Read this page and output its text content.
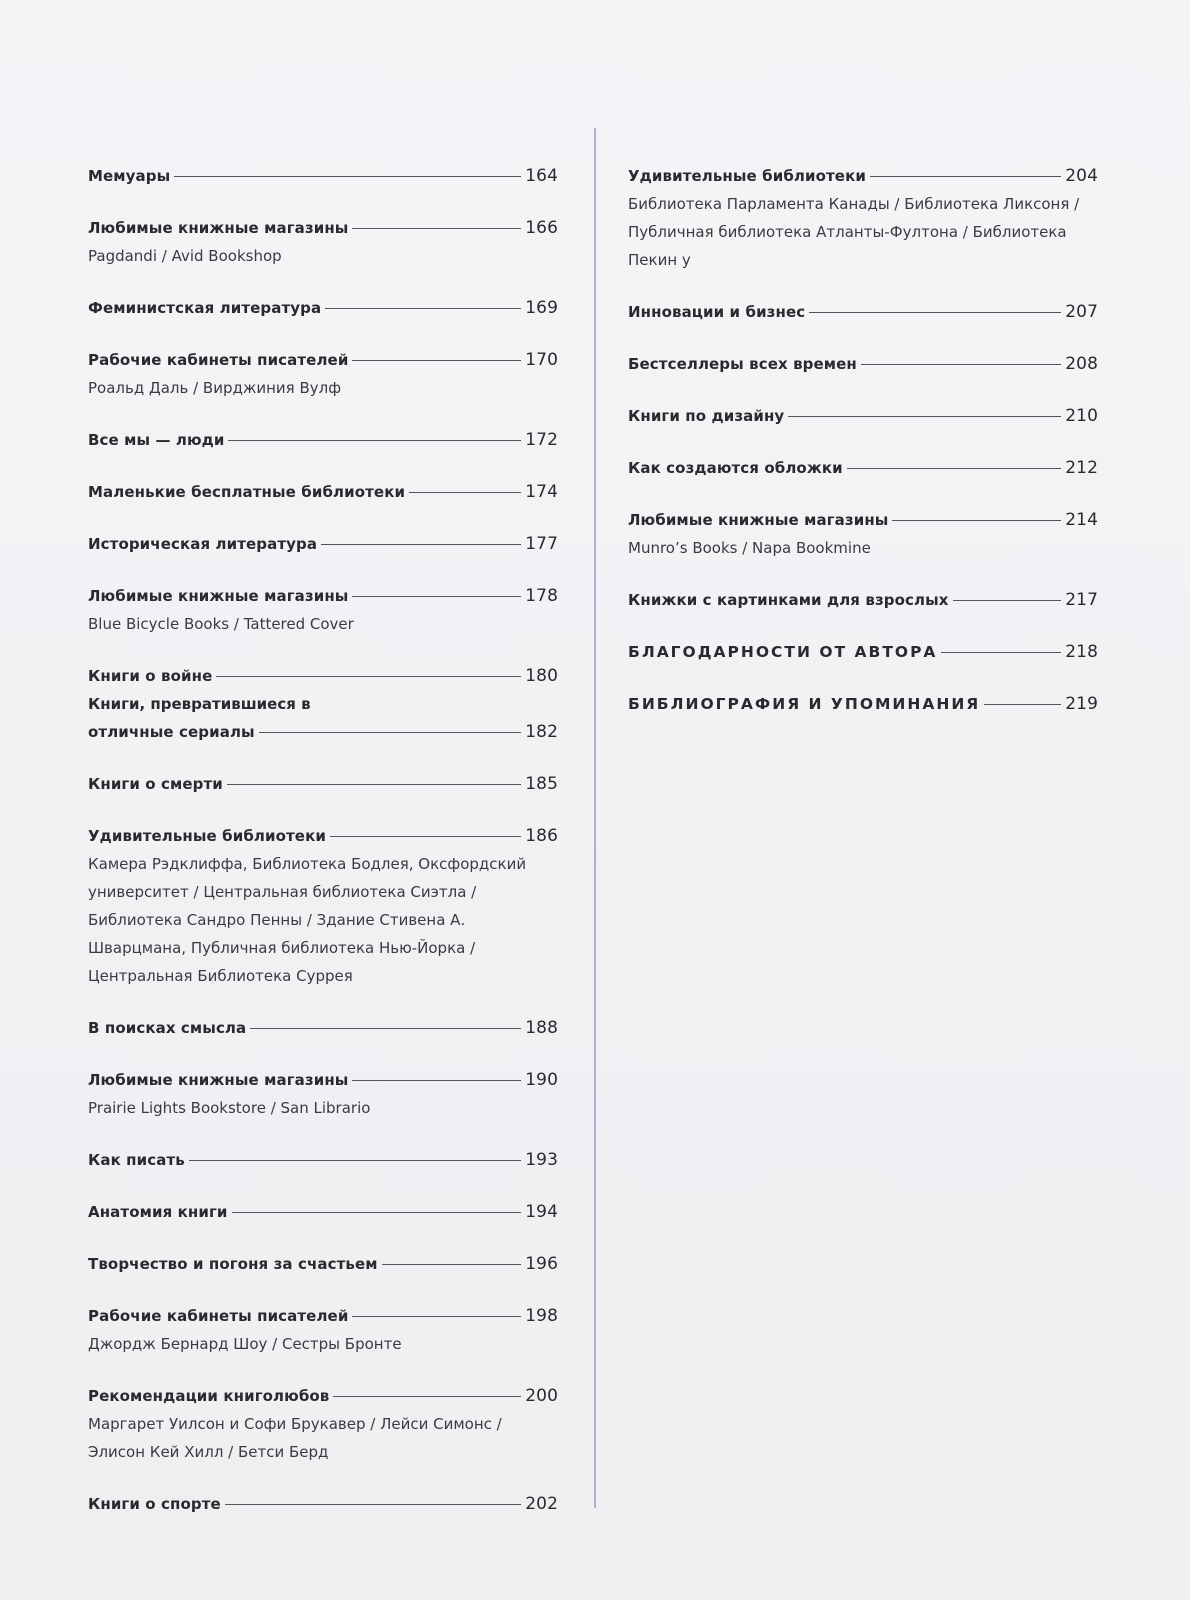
Мемуары	164
Любимые книжные магазины	166
Pagdandi / Avid Bookshop
Феминистская литература	169
Рабочие кабинеты писателей	170
Роальд Даль / Вирджиния Вулф
Все мы — люди	172
Маленькие бесплатные библиотеки	174
Историческая литература	177
Любимые книжные магазины	178
Blue Bicycle Books / Tattered Cover
Книги о войне	180
Книги, превратившиеся в
отличные сериалы	182
Книги о смерти	185
Удивительные библиотеки	186
Камера Рэдклиффа, Библиотека Бодлея, Оксфордский университет / Центральная библиотека Сиэтла / Библиотека Сандро Пенны / Здание Стивена А. Шварцмана, Публичная библиотека Нью-Йорка / Центральная Библиотека Суррея
В поисках смысла	188
Любимые книжные магазины	190
Prairie Lights Bookstore / San Librario
Как писать	193
Анатомия книги	194
Творчество и погоня за счастьем	196
Рабочие кабинеты писателей	198
Джордж Бернард Шоу / Сестры Бронте
Рекомендации книголюбов	200
Маргарет Уилсон и Софи Брукавер / Лейси Симонс / Элисон Кей Хилл / Бетси Берд
Книги о спорте	202
Удивительные библиотеки	204
Библиотека Парламента Канады / Библиотека Ликсоня / Публичная библиотека Атланты-Фултона / Библиотека Пекин у
Инновации и бизнес	207
Бестселлеры всех времен	208
Книги по дизайну	210
Как создаются обложки	212
Любимые книжные магазины	214
Munro’s Books / Napa Bookmine
Книжки с картинками для взрослых	217
БЛАГОДАРНОСТИ ОТ АВТОРА	218
БИБЛИОГРАФИЯ И УПОМИНАНИЯ	219
